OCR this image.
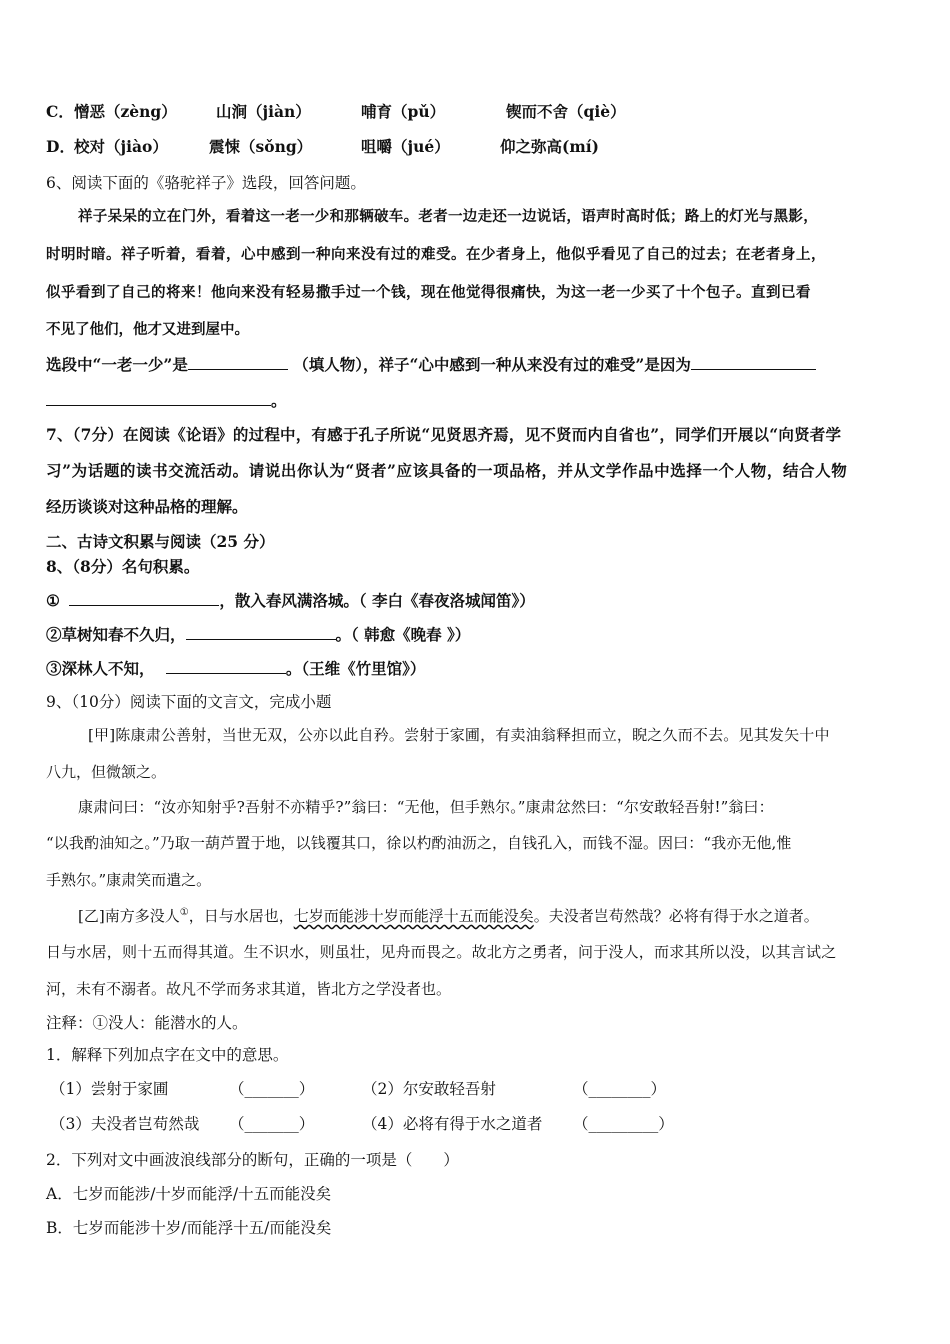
C． 憎恶（zèng）	山涧（jiàn）	哺育（pǔ）	锲而不舍（qiè）
D． 校对（jiào）	震悚（sǒng）	咀嚼（jué）	仰之弥高(mí)
6、阅读下面的《骆驼祥子》选段，回答问题。
祥子呆呆的立在门外，看着这一老一少和那辆破车。老者一边走还一边说话，语声时高时低；路上的灯光与黑影，
时明时暗。祥子听着，看着，心中感到一种向来没有过的难受。在少者身上，他似乎看见了自己的过去；在老者身上，
似乎看到了自己的将来！他向来没有轻易撒手过一个钱，现在他觉得很痛快，为这一老一少买了十个包子。直到已看
不见了他们，他才又进到屋中。
选段中“一老一少”是	（填人物），祥子“心中感到一种从来没有过的难受”是因为
。
7、（7分）在阅读《论语》的过程中，有感于孔子所说“见贤思齐焉，见不贤而内自省也”，同学们开展以“向贤者学
习”为话题的读书交流活动。请说出你认为“贤者”应该具备的一项品格，并从文学作品中选择一个人物，结合人物
经历谈谈对这种品格的理解。
二、古诗文积累与阅读（25 分）
8、（8分）名句积累。
①	，散入春风满洛城。（ 李白《春夜洛城闻笛》）
②草树知春不久归，	。（ 韩愈《晚春 》）
③深林人不知，	。（王维《竹里馆》）
9、（10分）阅读下面的文言文，完成小题
[甲]陈康肃公善射，当世无双，公亦以此自矜。尝射于家圃，有卖油翁释担而立，睨之久而不去。见其发矢十中
八九，但微颔之。
康肃问曰：“汝亦知射乎?吾射不亦精乎?”翁曰：“无他，但手熟尔。”康肃忿然曰：“尔安敢轻吾射!”翁曰：
“以我酌油知之。”乃取一葫芦置于地，以钱覆其口，徐以杓酌油沥之，自钱孔入，而钱不湿。因曰：“我亦无他,惟
手熟尔。”康肃笑而遣之。
[乙]南方多没人①，日与水居也，七岁而能涉十岁而能浮十五而能没矣。夫没者岂苟然哉？必将有得于水之道者。
日与水居，则十五而得其道。生不识水，则虽壮，见舟而畏之。故北方之勇者，问于没人，而求其所以没，以其言试之
河，未有不溺者。故凡不学而务求其道，皆北方之学没者也。
注释：①没人：能潜水的人。
1．解释下列加点字在文中的意思。
（1）尝射于家圃	（_______）	（2）尔安敢轻吾射	（________）
（3）夫没者岂苟然哉 （_______）	（4）必将有得于水之道者 （_________）
2．下列对文中画波浪线部分的断句，正确的一项是（　　）
A．七岁而能涉/十岁而能浮/十五而能没矣
B．七岁而能涉十岁/而能浮十五/而能没矣
